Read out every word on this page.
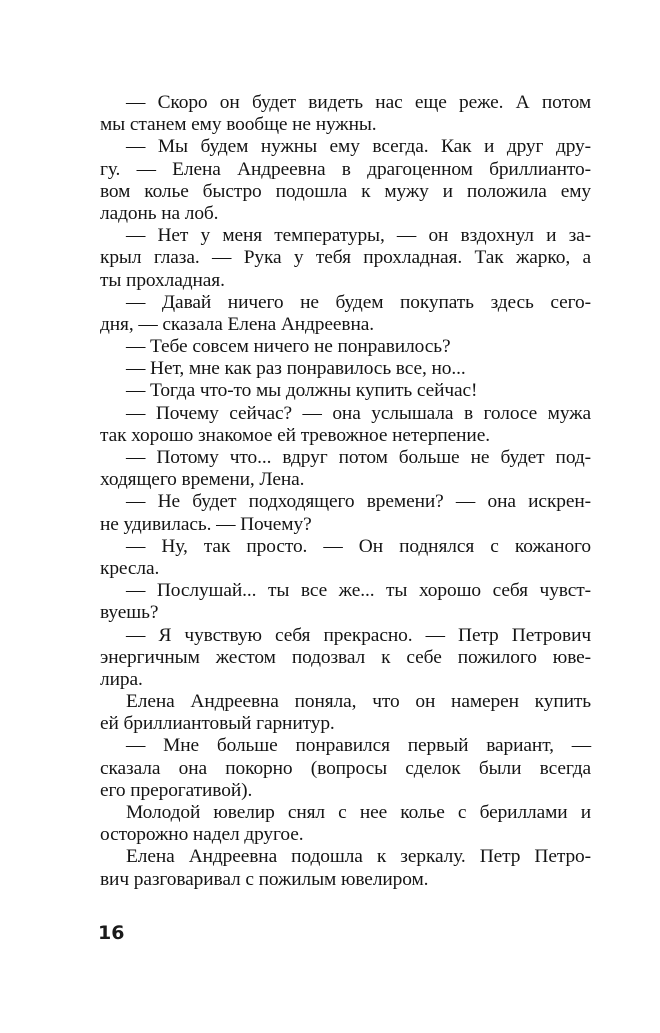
— Скоро он будет видеть нас еще реже. А потом
мы станем ему вообще не нужны.
— Мы будем нужны ему всегда. Как и друг дру-
гу. — Елена Андреевна в драгоценном бриллианто-
вом колье быстро подошла к мужу и положила ему
ладонь на лоб.
— Нет у меня температуры, — он вздохнул и за-
крыл глаза. — Рука у тебя прохладная. Так жарко, а
ты прохладная.
— Давай ничего не будем покупать здесь сего-
дня, — сказала Елена Андреевна.
— Тебе совсем ничего не понравилось?
— Нет, мне как раз понравилось все, но...
— Тогда что-то мы должны купить сейчас!
— Почему сейчас? — она услышала в голосе мужа
так хорошо знакомое ей тревожное нетерпение.
— Потому что... вдруг потом больше не будет под-
ходящего времени, Лена.
— Не будет подходящего времени? — она искрен-
не удивилась. — Почему?
— Ну, так просто. — Он поднялся с кожаного
кресла.
— Послушай... ты все же... ты хорошо себя чувст-
вуешь?
— Я чувствую себя прекрасно. — Петр Петрович
энергичным жестом подозвал к себе пожилого юве-
лира.
Елена Андреевна поняла, что он намерен купить
ей бриллиантовый гарнитур.
— Мне больше понравился первый вариант, —
сказала она покорно (вопросы сделок были всегда
его прерогативой).
Молодой ювелир снял с нее колье с бериллами и
осторожно надел другое.
Елена Андреевна подошла к зеркалу. Петр Петро-
вич разговаривал с пожилым ювелиром.
16
